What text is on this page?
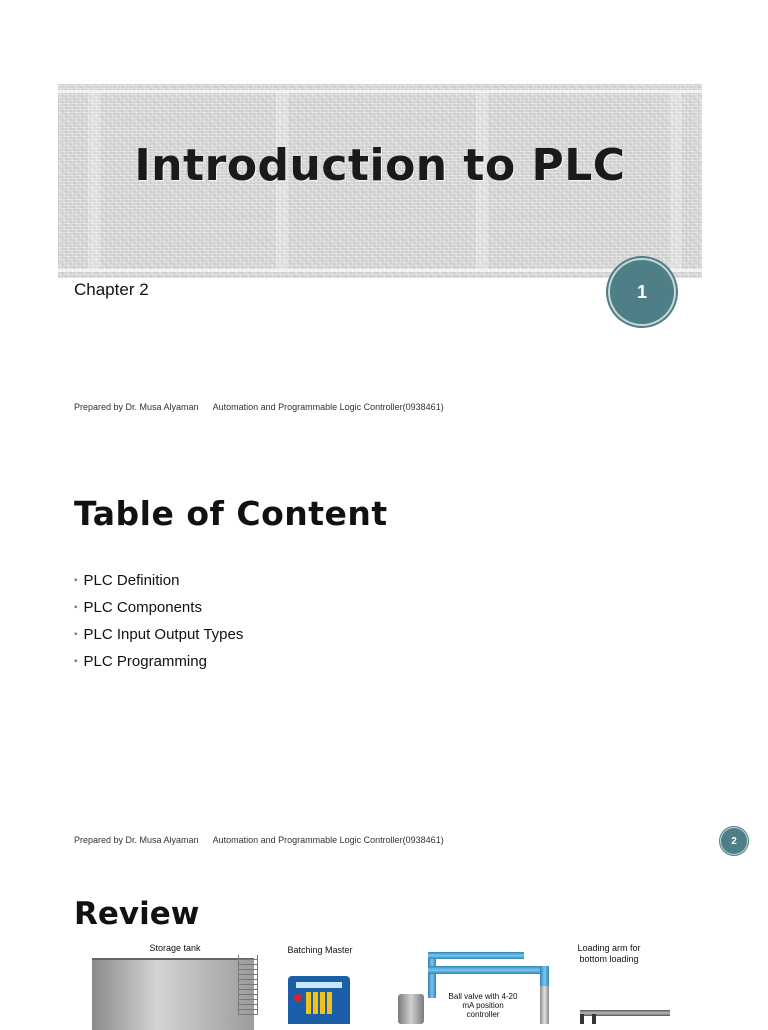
Introduction to PLC
Chapter 2	1
Prepared by Dr. Musa Alyaman Automation and Programmable Logic Controller(0938461)
Table of Content
▪ PLC Definition
▪ PLC Components
▪ PLC Input Output Types
▪ PLC Programming
Prepared by Dr. Musa Alyaman Automation and Programmable Logic Controller(0938461)	2
Review
Storage tank	Batching Master
Ball valve with 4-20 mA position controller
Loading arm for bottom loading
